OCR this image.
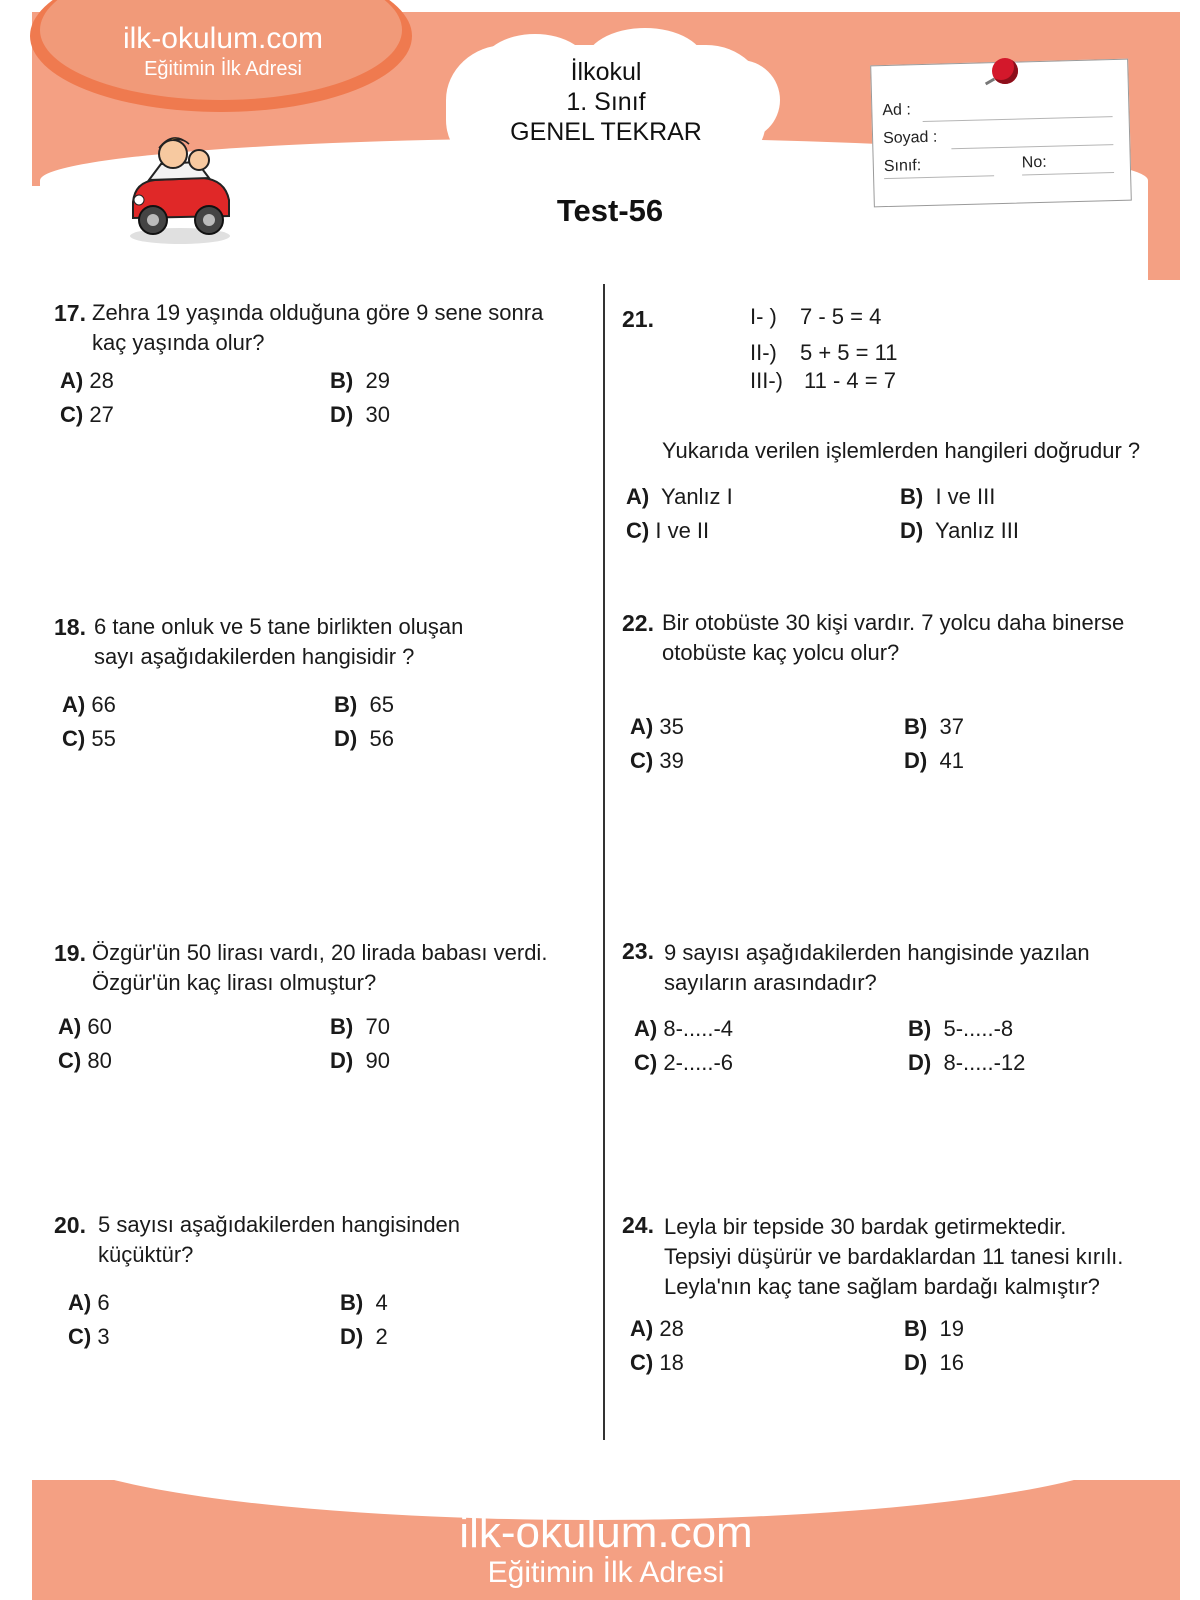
ilk-okulum.com
Eğitimin İlk Adresi	İlkokul
1. Sınıf
GENEL TEKRAR
Test-56
Ad :
Soyad :
Sınıf:	No:
17. Zehra 19 yaşında olduğuna göre 9 sene sonra
kaç yaşında olur?
A) 28	B) 29
C) 27	D) 30
18. 6 tane onluk ve 5 tane birlikten oluşan
sayı aşağıdakilerden hangisidir ?
A) 66	B) 65
C) 55	D) 56
19. Özgür'ün 50 lirası vardı, 20 lirada babası verdi.
Özgür'ün kaç lirası olmuştur?
A) 60	B) 70
C) 80	D) 90
20. 5 sayısı aşağıdakilerden hangisinden
küçüktür?
A) 6	B) 4
C) 3	D) 2
21.	I- ) 7 - 5 = 4
II-) 5 + 5 = 11
III-) 11 - 4 = 7
Yukarıda verilen işlemlerden hangileri doğrudur ?
A) Yanlız I	B) I ve III
C) I ve II	D) Yanlız III
22. Bir otobüste 30 kişi vardır. 7 yolcu daha binerse
otobüste kaç yolcu olur?
A) 35	B) 37
C) 39	D) 41
23. 9 sayısı aşağıdakilerden hangisinde yazılan
sayıların arasındadır?
A) 8-.....-4	B) 5-.....-8
C) 2-.....-6	D) 8-.....-12
24. Leyla bir tepside 30 bardak getirmektedir.
Tepsiyi düşürür ve bardaklardan 11 tanesi kırılı.
Leyla'nın kaç tane sağlam bardağı kalmıştır?
A) 28	B) 19
C) 18	D) 16
ilk-okulum.com
Eğitimin İlk Adresi
